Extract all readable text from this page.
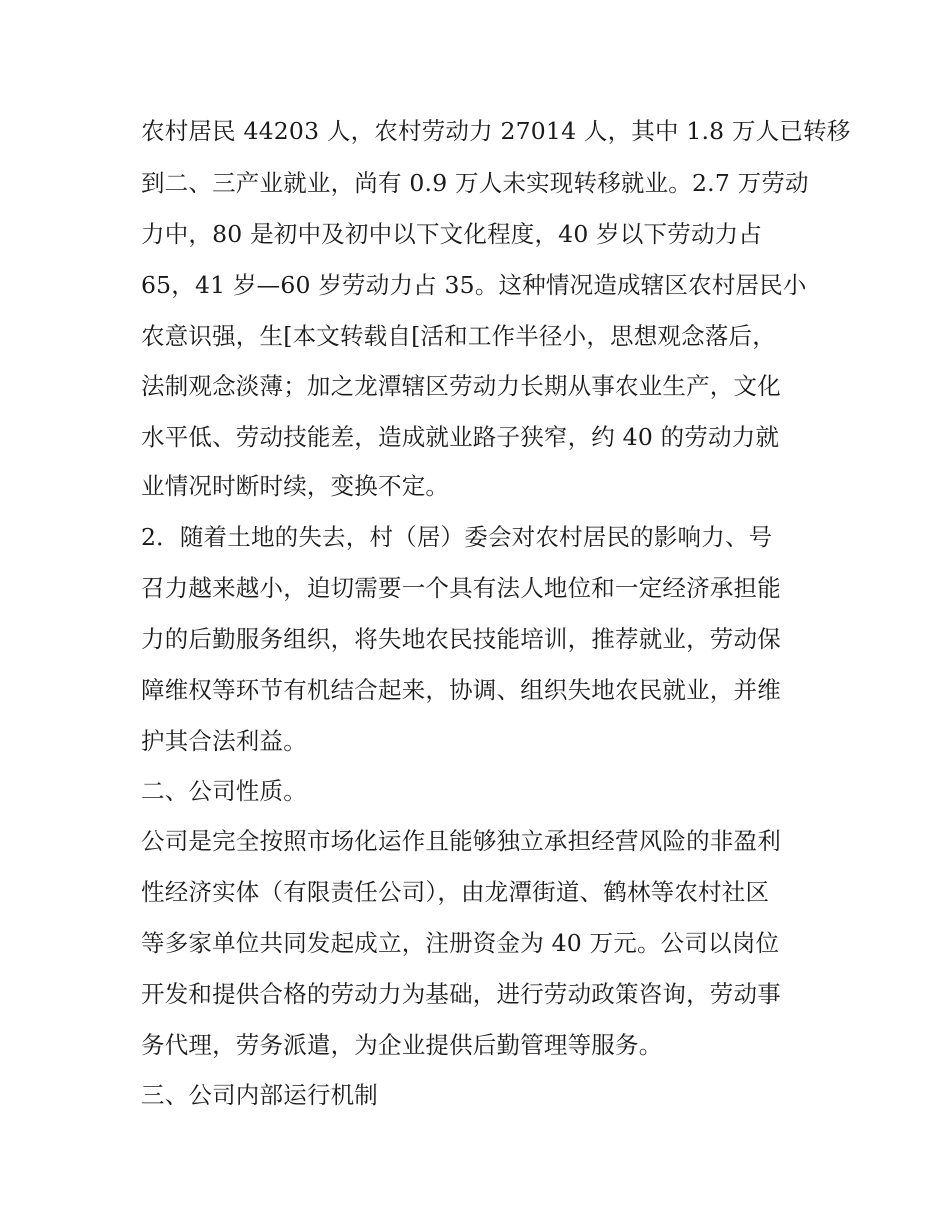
农村居民 44203 人，农村劳动力 27014 人，其中 1.8 万人已转移
到二、三产业就业，尚有 0.9 万人未实现转移就业。2.7 万劳动
力中，80 是初中及初中以下文化程度，40 岁以下劳动力占
65，41 岁—60 岁劳动力占 35。这种情况造成辖区农村居民小
农意识强，生[本文转载自[活和工作半径小，思想观念落后，
法制观念淡薄；加之龙潭辖区劳动力长期从事农业生产，文化
水平低、劳动技能差，造成就业路子狭窄，约 40 的劳动力就
业情况时断时续，变换不定。
2．随着土地的失去，村（居）委会对农村居民的影响力、号
召力越来越小，迫切需要一个具有法人地位和一定经济承担能
力的后勤服务组织，将失地农民技能培训，推荐就业，劳动保
障维权等环节有机结合起来，协调、组织失地农民就业，并维
护其合法利益。
二、公司性质。
公司是完全按照市场化运作且能够独立承担经营风险的非盈利
性经济实体（有限责任公司），由龙潭街道、鹤林等农村社区
等多家单位共同发起成立，注册资金为 40 万元。公司以岗位
开发和提供合格的劳动力为基础，进行劳动政策咨询，劳动事
务代理，劳务派遣，为企业提供后勤管理等服务。
三、公司内部运行机制
